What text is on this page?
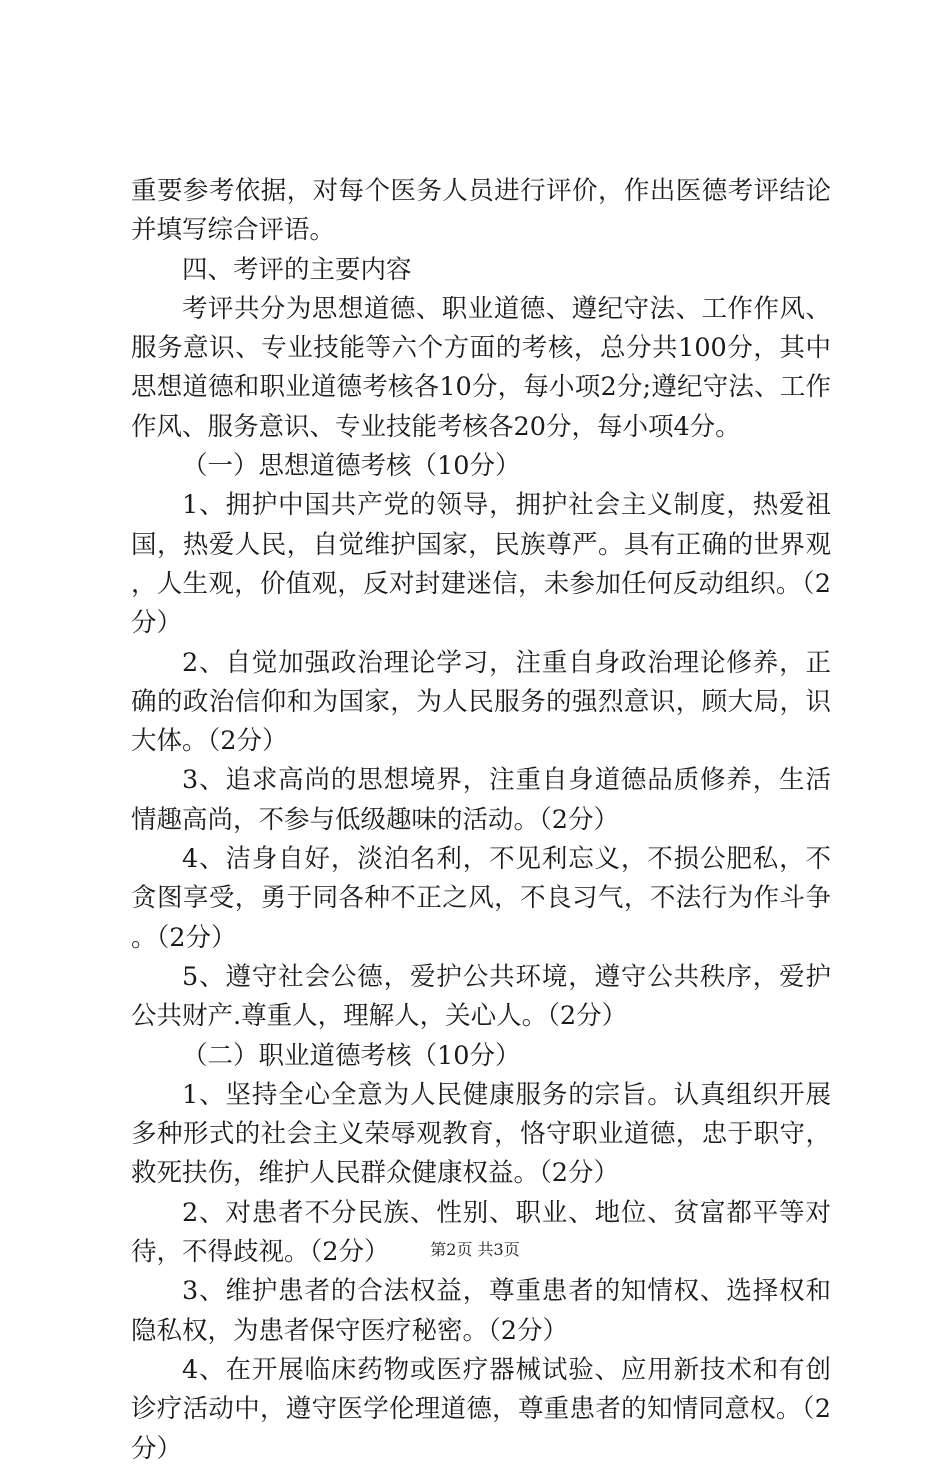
重要参考依据，对每个医务人员进行评价，作出医德考评结论并填写综合评语。

四、考评的主要内容

考评共分为思想道德、职业道德、遵纪守法、工作作风、服务意识、专业技能等六个方面的考核，总分共100分，其中思想道德和职业道德考核各10分，每小项2分;遵纪守法、工作作风、服务意识、专业技能考核各20分，每小项4分。

（一）思想道德考核（10分）

1、拥护中国共产党的领导，拥护社会主义制度，热爱祖国，热爱人民，自觉维护国家，民族尊严。具有正确的世界观，人生观，价值观，反对封建迷信，未参加任何反动组织。（2分）

2、自觉加强政治理论学习，注重自身政治理论修养，正确的政治信仰和为国家，为人民服务的强烈意识，顾大局，识大体。（2分）

3、追求高尚的思想境界，注重自身道德品质修养，生活情趣高尚，不参与低级趣味的活动。（2分）

4、洁身自好，淡泊名利，不见利忘义，不损公肥私，不贪图享受，勇于同各种不正之风，不良习气，不法行为作斗争。（2分）

5、遵守社会公德，爱护公共环境，遵守公共秩序，爱护公共财产.尊重人，理解人，关心人。（2分）

（二）职业道德考核（10分）

1、坚持全心全意为人民健康服务的宗旨。认真组织开展多种形式的社会主义荣辱观教育，恪守职业道德，忠于职守，救死扶伤，维护人民群众健康权益。（2分）

2、对患者不分民族、性别、职业、地位、贫富都平等对待，不得歧视。（2分）

3、维护患者的合法权益，尊重患者的知情权、选择权和隐私权，为患者保守医疗秘密。（2分）

4、在开展临床药物或医疗器械试验、应用新技术和有创诊疗活动中，遵守医学伦理道德，尊重患者的知情同意权。（2分）

第2页 共3页
